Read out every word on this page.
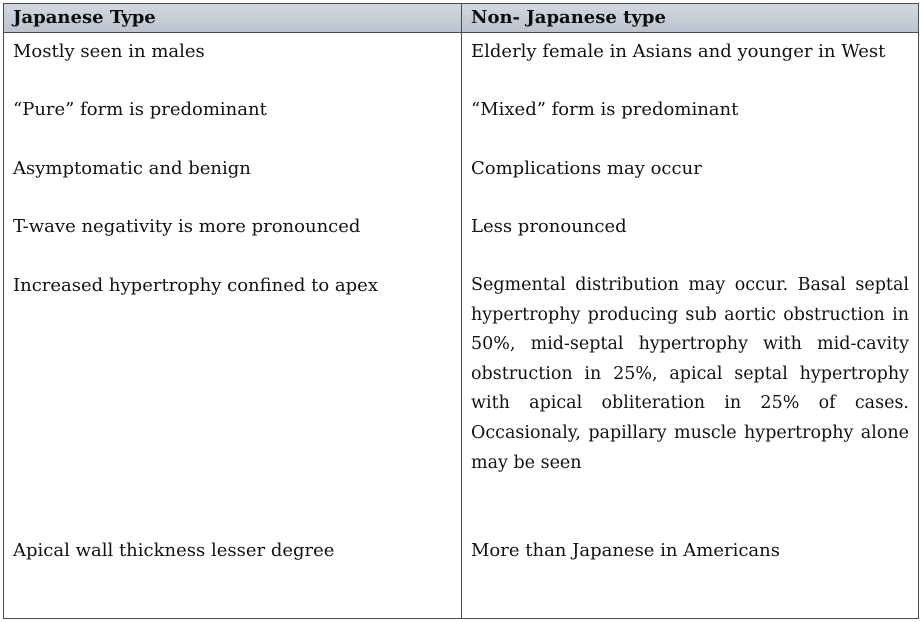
Japanese Type	Non- Japanese type
Mostly seen in males	Elderly female in Asians and younger in West
“Pure” form is predominant	“Mixed” form is predominant
Asymptomatic and benign	Complications may occur
T-wave negativity is more pronounced	Less pronounced
Increased hypertrophy confined to apex	Segmental distribution may occur. Basal septal hypertrophy producing sub aortic obstruction in 50%, mid-septal hypertrophy with mid-cavity obstruction in 25%, apical septal hypertrophy with apical obliteration in 25% of cases. Occasionaly, papillary muscle hypertrophy alone may be seen
Apical wall thickness lesser degree	More than Japanese in Americans
